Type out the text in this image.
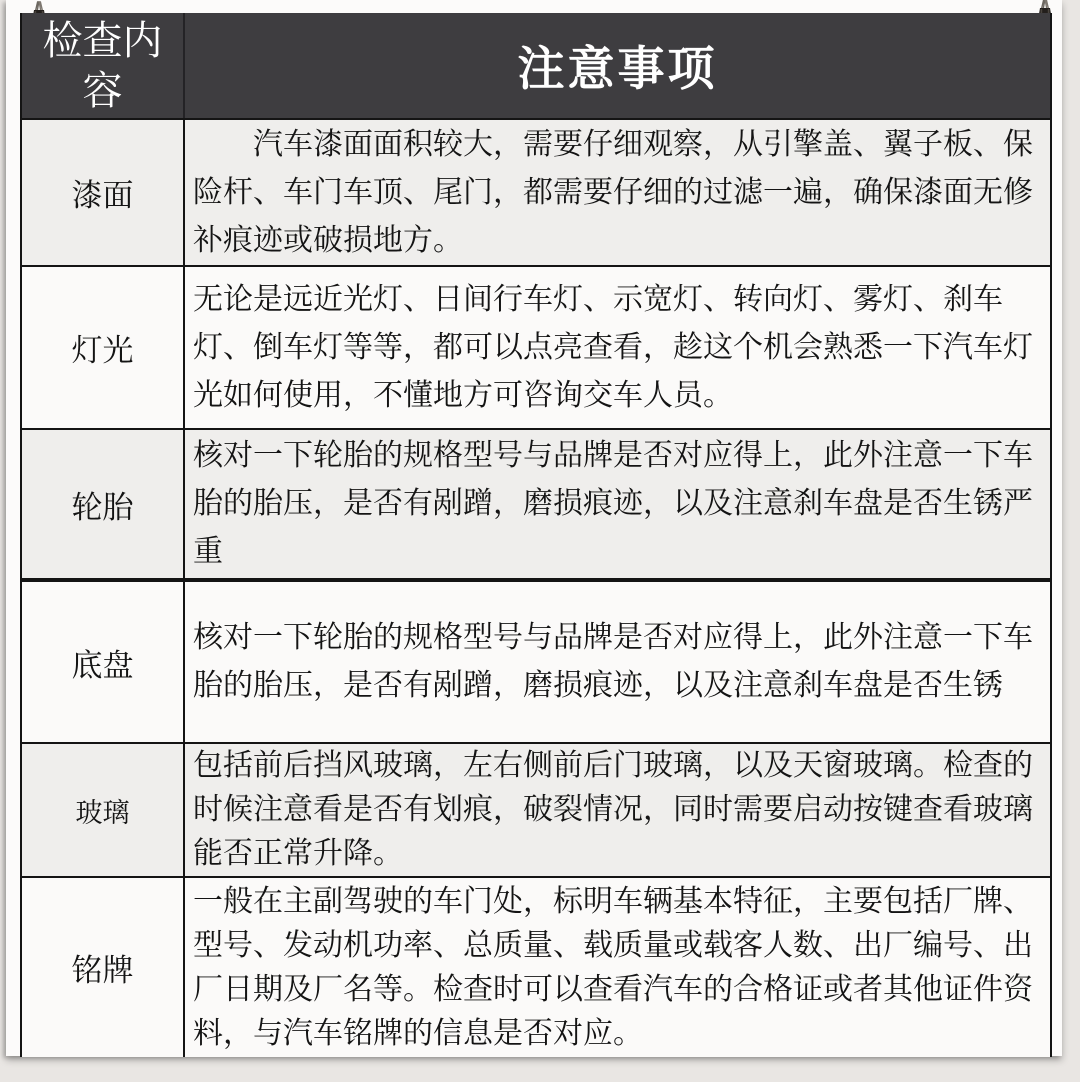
检查内容	注意事项
漆面
　　汽车漆面面积较大，需要仔细观察，从引擎盖、翼子板、保险杆、车门车顶、尾门，都需要仔细的过滤一遍，确保漆面无修补痕迹或破损地方。
灯光
无论是远近光灯、日间行车灯、示宽灯、转向灯、雾灯、刹车灯、倒车灯等等，都可以点亮查看，趁这个机会熟悉一下汽车灯光如何使用，不懂地方可咨询交车人员。
轮胎
核对一下轮胎的规格型号与品牌是否对应得上，此外注意一下车胎的胎压，是否有剐蹭，磨损痕迹，以及注意刹车盘是否生锈严重
底盘
核对一下轮胎的规格型号与品牌是否对应得上，此外注意一下车胎的胎压，是否有剐蹭，磨损痕迹，以及注意刹车盘是否生锈
玻璃
包括前后挡风玻璃，左右侧前后门玻璃，以及天窗玻璃。检查的时候注意看是否有划痕，破裂情况，同时需要启动按键查看玻璃能否正常升降。
铭牌
一般在主副驾驶的车门处，标明车辆基本特征，主要包括厂牌、型号、发动机功率、总质量、载质量或载客人数、出厂编号、出厂日期及厂名等。检查时可以查看汽车的合格证或者其他证件资料，与汽车铭牌的信息是否对应。
